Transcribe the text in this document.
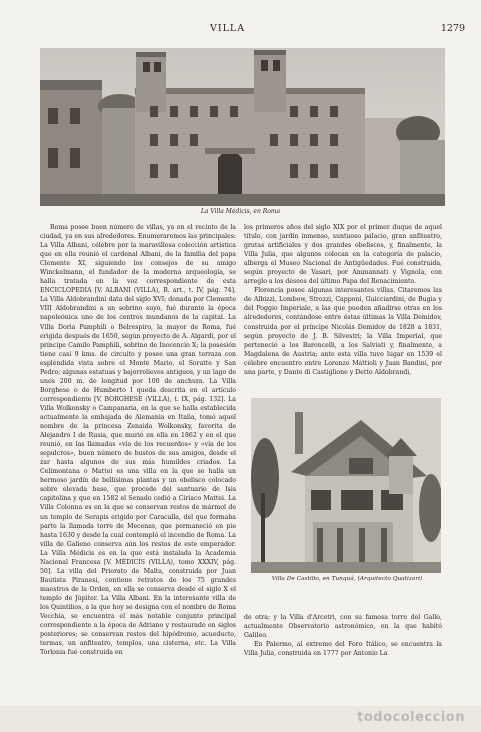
VILLA	1279
La Villa Médicis, en Roma

Roma posee buen número de villas, ya en el recinto de la ciudad, ya en sus alrededores. Enumeraremos las principales: La Villa Albani, célebre por la maravillosa colección artística que en ella reunió el cardenal Albani, de la familia del papa Clemente XI, siguiendo los consejos de su amigo Winckelmann, el fundador de la moderna arqueología, se halla tratada en la voz correspondiente de esta ENCICLOPEDIA [V. ALBANI (VILLA), B. art., t. IV, pág. 74]. La Villa Aldobrandini data del siglo XVI; donada por Clemente VIII Aldobrandini a un sobrino suyo, fué durante la época napoleónica uno de los centros mundanos de la capital. La Villa Doria Pamphili o Belrespiro, la mayor de Roma, fué erigida después de 1650, según proyecto de A. Algardi, por el príncipe Camilo Pamphili, sobrino de Inocencio X; la posesión tiene casi 9 kms. de circuito y posee una gran terraza con espléndida vista sobre el Monte Mario, el Soratte y San Pedro; algunas estatuas y bajorrelieves antiguos, y un lago de unos 200 m. de longitud por 100 de anchura. La Villa Borghese o de Humberto I queda descrita en el artículo correspondiente [V. BORGHESE (VILLA), t. IX, pág. 132]. La Villa Wolkonsky o Campanaria, en la que se halla establecida actualmente la embajada de Alemania en Italia, tomó aquel nombre de la princesa Zenaida Wolkonsky, favorita de Alejandro I de Rusia, que murió en ella en 1862 y en el que reunió, en las llamadas «vía de los recuerdos» y «vía de los sepulcros», buen número de bustos de sus amigos, desde el zar hasta algunos de sus más humildes criados. La Celimontana o Mattei es una villa en la que se halla un hermoso jardín de bellísimas plantas y un obelisco colocado sobre elevada base, que procede del santuario de Isis capitolina y que en 1582 el Senado cedió a Ciriaco Mattei. La Villa Colonna es en la que se conservan restos de mármol de un templo de Serapis erigido por Caracalla, del que formaba parte la llamada torre de Mecenas, que permaneció en pie hasta 1630 y desde la cual contempló el incendio de Roma. La villa de Galieno conserva aún los restos de este emperador. La Villa Médicis es en la que está instalada la Academia Nacional Francesa [V. MÉDICIS (VILLA), tomo XXXIV, pág. 50]. La villa del Priorato de Malta, construida por Juan Bautista Piranesi, contiene retratos de los 75 grandes maestros de la Orden, en ella se conserva desde el siglo X el templo de Júpiter. La Villa Albani. En la interesante villa de los Quintilios, a la que hoy se designa con el nombre de Roma Vecchia, se encuentra el más notable conjunto principal correspondiente a la época de Adriano y restaurado en siglos posteriores; se conservan restos del hipódromo, acueducto, termas, un anfiteatro, templos, una cisterna, etc. La Villa Torlonia fué construida en

los primeros años del siglo XIX por el primer duque de aquel título, con jardín inmenso, suntuoso palacio, gran anfiteatro, grutas artificiales y dos grandes obeliscos, y, finalmente, la Villa Julia, que algunos colocan en la categoría de palacio, alberga el Museo Nacional de Antigüedades. Fué construida, según proyecto de Vasari, por Ammannati y Vignola, con arreglo a los deseos del último Papa del Renacimiento.

Florencia posee algunas interesantes villas. Citaremos las de Albizzi, Lombow, Strozzi, Capponi, Guicciardini, de Bugia y del Poggio Imperiale, a las que pueden añadirse otras en los alrededores, contándose entre éstas últimas la Villa Demidov, construida por el príncipe Nicolás Demidov de 1828 a 1831, según proyecto de J. B. Silvestri; la Villa Imperial, que perteneció a los Baroncelli, a los Salviati y, finalmente, a Magdalena de Austria; ante esta villa tuvo lugar en 1539 el célebre encuentro entre Lorenzo Mattioli y Juan Bandini, por una parte, y Dante di Castiglione y Detto Aldobrandi,

Villa De Castilio, en Tunquá, (Arquitecto Quatizari)

de otra; y la Villa d'Arcetri, con su famosa torre del Gallo, actualmente Observatorio astronómico, en la que habitó Galileo.

En Palermo, al extremo del Foro Itálico, se encuentra la Villa Julia, construida en 1777 por Antonio La

todocoleccion
